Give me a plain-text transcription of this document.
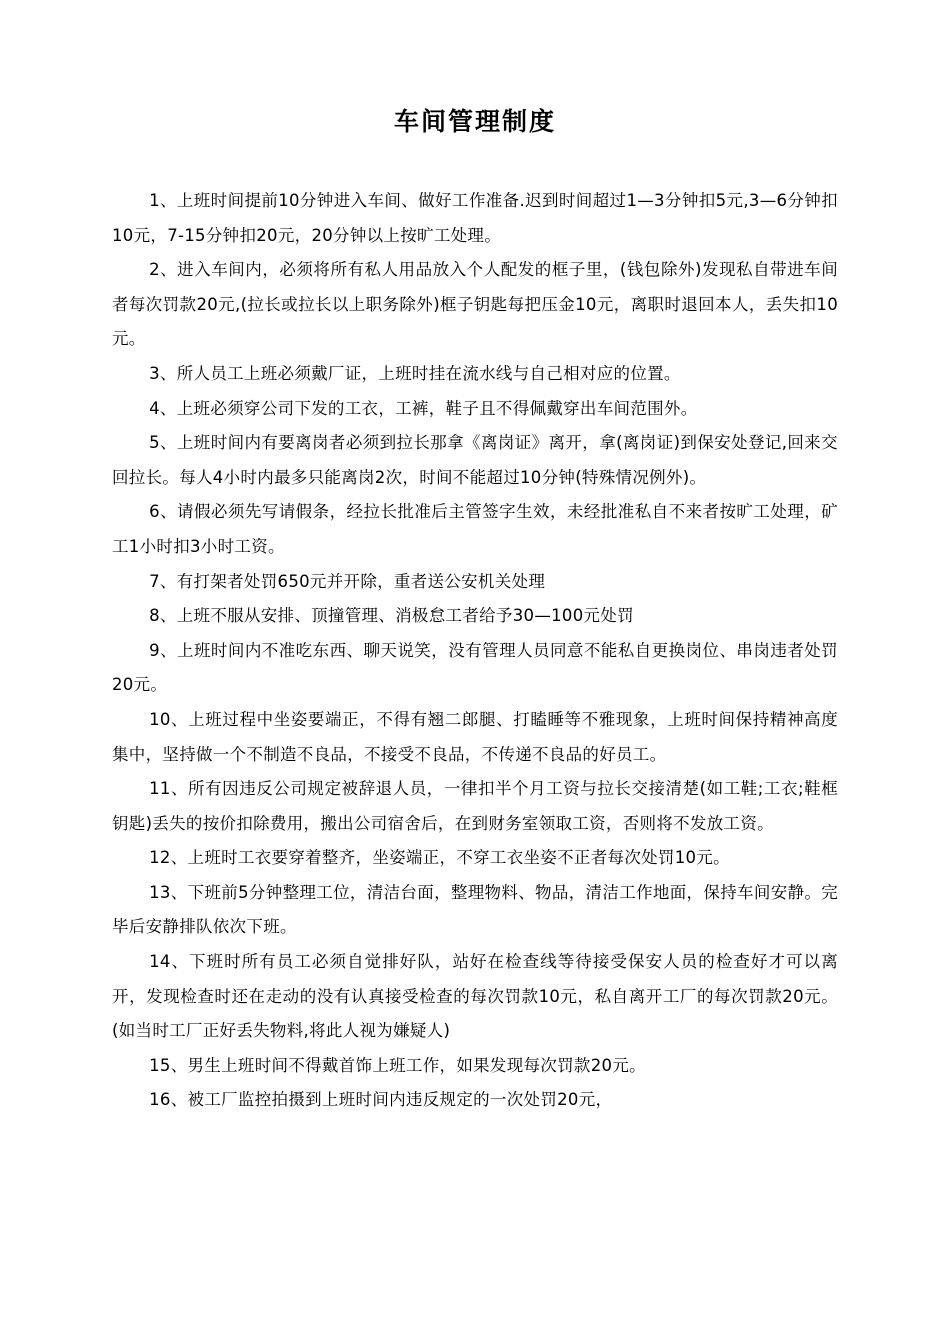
车间管理制度

1、上班时间提前10分钟进入车间、做好工作准备.迟到时间超过1—3分钟扣5元,3—6分钟扣10元，7-15分钟扣20元，20分钟以上按旷工处理。

2、进入车间内，必须将所有私人用品放入个人配发的框子里，(钱包除外)发现私自带进车间者每次罚款20元,(拉长或拉长以上职务除外)框子钥匙每把压金10元，离职时退回本人，丢失扣10元。

3、所人员工上班必须戴厂证，上班时挂在流水线与自己相对应的位置。

4、上班必须穿公司下发的工衣，工裤，鞋子且不得佩戴穿出车间范围外。

5、上班时间内有要离岗者必须到拉长那拿《离岗证》离开，拿(离岗证)到保安处登记,回来交回拉长。每人4小时内最多只能离岗2次，时间不能超过10分钟(特殊情况例外)。

6、请假必须先写请假条，经拉长批准后主管签字生效，未经批准私自不来者按旷工处理，矿工1小时扣3小时工资。

7、有打架者处罚650元并开除，重者送公安机关处理

8、上班不服从安排、顶撞管理、消极怠工者给予30—100元处罚

9、上班时间内不准吃东西、聊天说笑，没有管理人员同意不能私自更换岗位、串岗违者处罚20元。

10、上班过程中坐姿要端正，不得有翘二郎腿、打瞌睡等不雅现象，上班时间保持精神高度集中，坚持做一个不制造不良品，不接受不良品，不传递不良品的好员工。

11、所有因违反公司规定被辞退人员，一律扣半个月工资与拉长交接清楚(如工鞋;工衣;鞋框钥匙)丢失的按价扣除费用，搬出公司宿舍后，在到财务室领取工资，否则将不发放工资。

12、上班时工衣要穿着整齐，坐姿端正，不穿工衣坐姿不正者每次处罚10元。

13、下班前5分钟整理工位，清洁台面，整理物料、物品，清洁工作地面，保持车间安静。完毕后安静排队依次下班。

14、下班时所有员工必须自觉排好队，站好在检查线等待接受保安人员的检查好才可以离开，发现检查时还在走动的没有认真接受检查的每次罚款10元，私自离开工厂的每次罚款20元。(如当时工厂正好丢失物料,将此人视为嫌疑人)

15、男生上班时间不得戴首饰上班工作，如果发现每次罚款20元。

16、被工厂监控拍摄到上班时间内违反规定的一次处罚20元，
